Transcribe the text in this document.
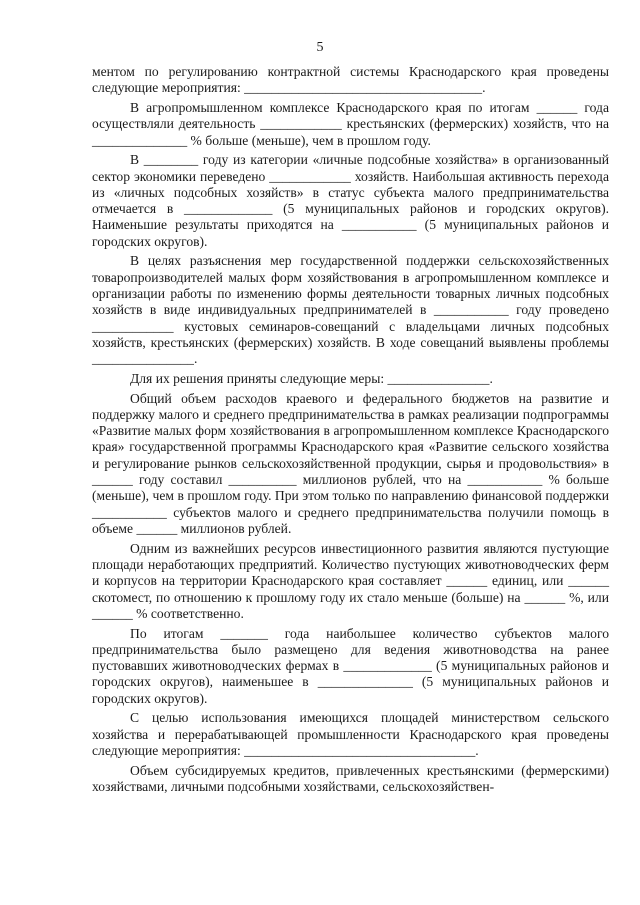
5

ментом по регулированию контрактной системы Краснодарского края проведены следующие мероприятия: ___________________________________.

В агропромышленном комплексе Краснодарского края по итогам ______ года осуществляли деятельность ____________ крестьянских (фермерских) хозяйств, что на ______________ % больше (меньше), чем в прошлом году.

В ________ году из категории «личные подсобные хозяйства» в организованный сектор экономики переведено ____________ хозяйств. Наибольшая активность перехода из «личных подсобных хозяйств» в статус субъекта малого предпринимательства отмечается в _____________ (5 муниципальных районов и городских округов). Наименьшие результаты приходятся на ___________ (5 муниципальных районов и городских округов).

В целях разъяснения мер государственной поддержки сельскохозяйственных товаропроизводителей малых форм хозяйствования в агропромышленном комплексе и организации работы по изменению формы деятельности товарных личных подсобных хозяйств в виде индивидуальных предпринимателей в ___________ году проведено ____________ кустовых семинаров-совещаний с владельцами личных подсобных хозяйств, крестьянских (фермерских) хозяйств. В ходе совещаний выявлены проблемы _______________.

Для их решения приняты следующие меры: _______________.

Общий объем расходов краевого и федерального бюджетов на развитие и поддержку малого и среднего предпринимательства в рамках реализации подпрограммы «Развитие малых форм хозяйствования в агропромышленном комплексе Краснодарского края» государственной программы Краснодарского края «Развитие сельского хозяйства и регулирование рынков сельскохозяйственной продукции, сырья и продовольствия» в ______ году составил __________ миллионов рублей, что на ___________ % больше (меньше), чем в прошлом году. При этом только по направлению финансовой поддержки ___________ субъектов малого и среднего предпринимательства получили помощь в объеме ______ миллионов рублей.

Одним из важнейших ресурсов инвестиционного развития являются пустующие площади неработающих предприятий. Количество пустующих животноводческих ферм и корпусов на территории Краснодарского края составляет ______ единиц, или ______ скотомест, по отношению к прошлому году их стало меньше (больше) на ______ %, или ______ % соответственно.

По итогам _______ года наибольшее количество субъектов малого предпринимательства было размещено для ведения животноводства на ранее пустовавших животноводческих фермах в _____________ (5 муниципальных районов и городских округов), наименьшее в ______________ (5 муниципальных районов и городских округов).

С целью использования имеющихся площадей министерством сельского хозяйства и перерабатывающей промышленности Краснодарского края проведены следующие мероприятия: __________________________________.

Объем субсидируемых кредитов, привлеченных крестьянскими (фермерскими) хозяйствами, личными подсобными хозяйствами, сельскохозяйствен-
